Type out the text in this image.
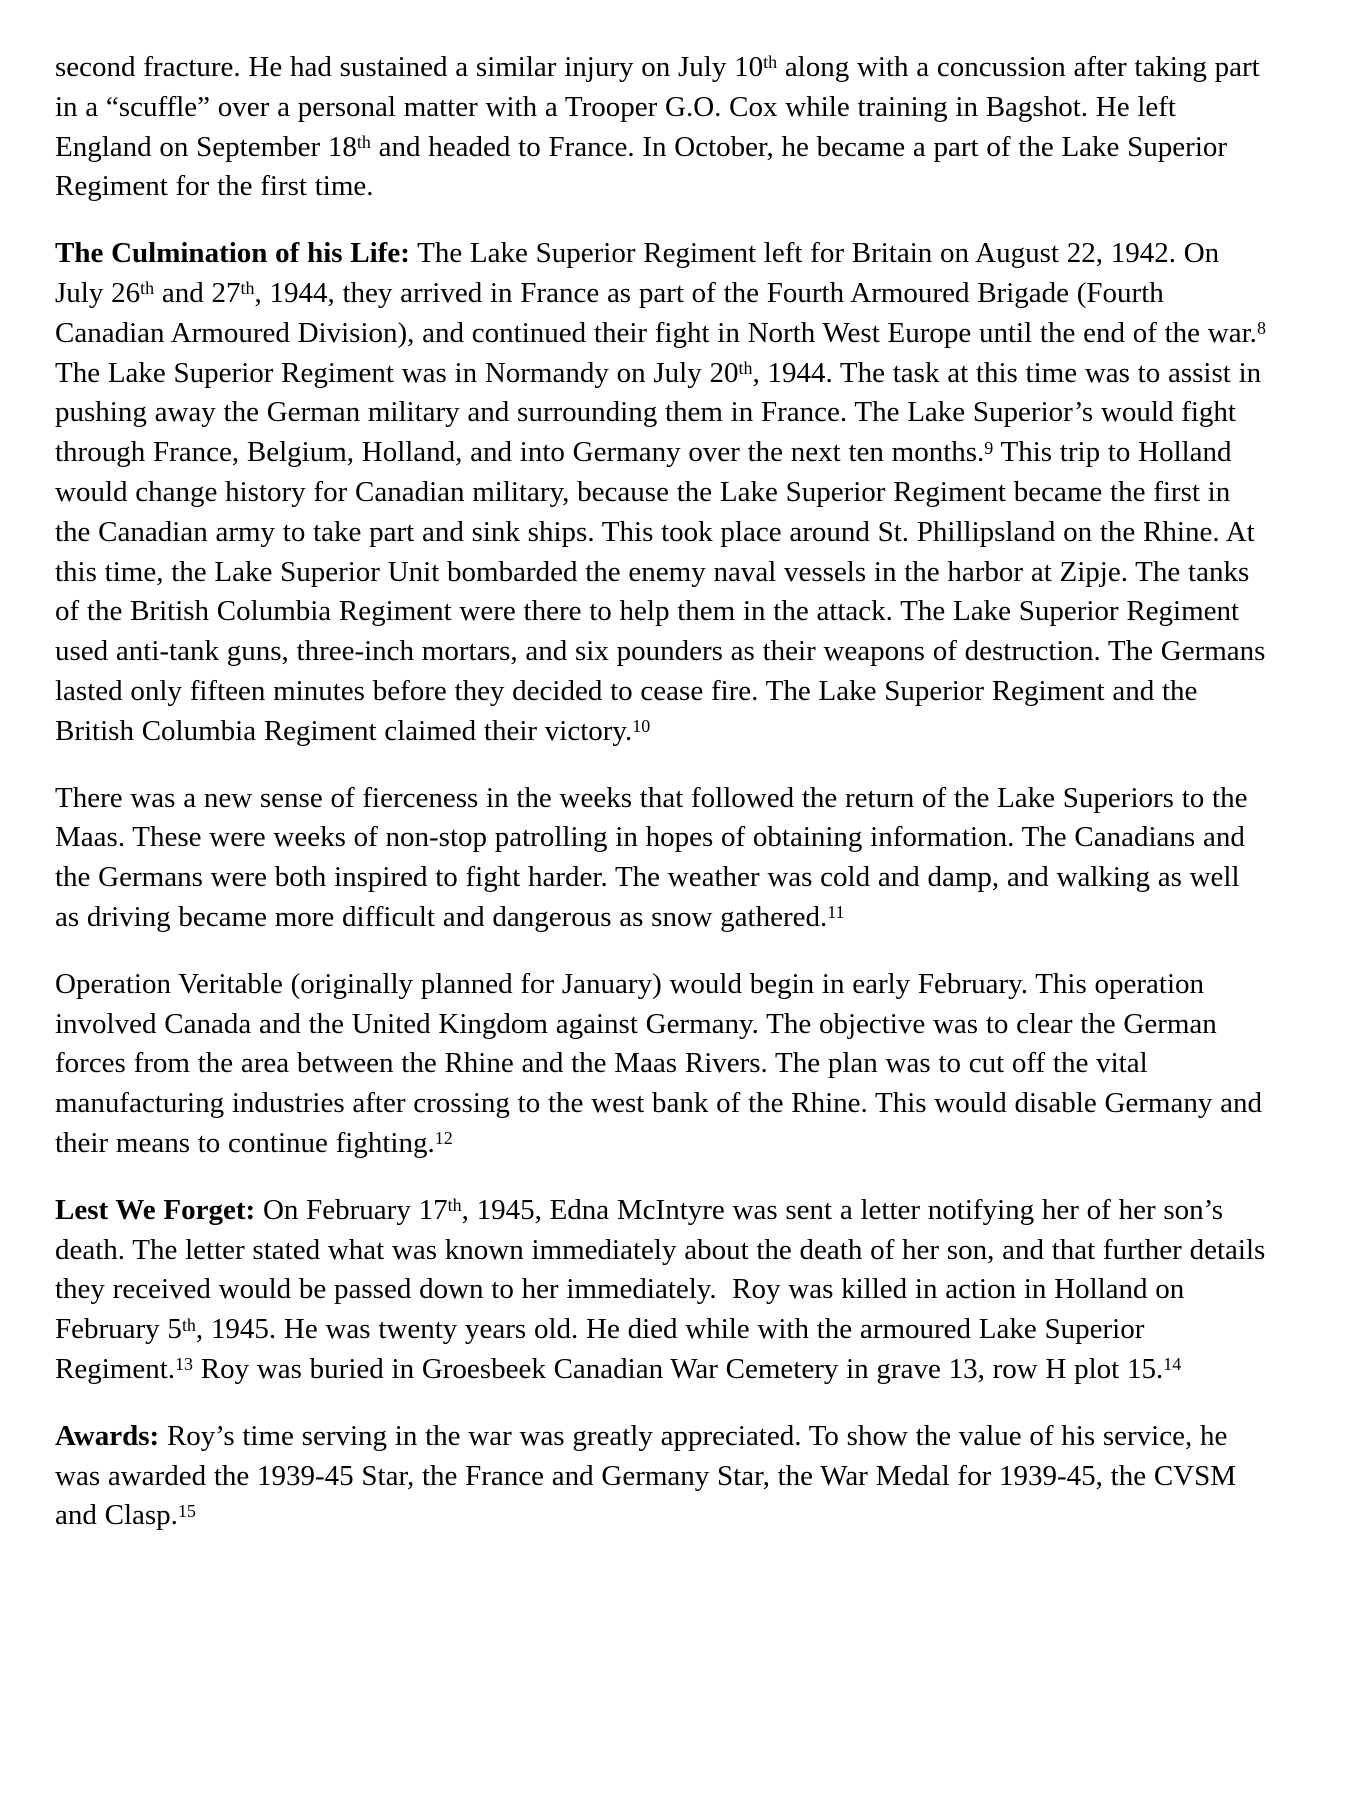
second fracture. He had sustained a similar injury on July 10th along with a concussion after taking part in a “scuffle” over a personal matter with a Trooper G.O. Cox while training in Bagshot. He left England on September 18th and headed to France. In October, he became a part of the Lake Superior Regiment for the first time.

The Culmination of his Life: The Lake Superior Regiment left for Britain on August 22, 1942. On July 26th and 27th, 1944, they arrived in France as part of the Fourth Armoured Brigade (Fourth Canadian Armoured Division), and continued their fight in North West Europe until the end of the war.$^8$ The Lake Superior Regiment was in Normandy on July 20th, 1944. The task at this time was to assist in pushing away the German military and surrounding them in France. The Lake Superior’s would fight through France, Belgium, Holland, and into Germany over the next ten months.$^9$ This trip to Holland would change history for Canadian military, because the Lake Superior Regiment became the first in the Canadian army to take part and sink ships. This took place around St. Phillipsland on the Rhine. At this time, the Lake Superior Unit bombarded the enemy naval vessels in the harbor at Zipje. The tanks of the British Columbia Regiment were there to help them in the attack. The Lake Superior Regiment used anti-tank guns, three-inch mortars, and six pounders as their weapons of destruction. The Germans lasted only fifteen minutes before they decided to cease fire. The Lake Superior Regiment and the British Columbia Regiment claimed their victory.$^{10}$

There was a new sense of fierceness in the weeks that followed the return of the Lake Superiors to the Maas. These were weeks of non-stop patrolling in hopes of obtaining information. The Canadians and the Germans were both inspired to fight harder. The weather was cold and damp, and walking as well as driving became more difficult and dangerous as snow gathered.$^{11}$

Operation Veritable (originally planned for January) would begin in early February. This operation involved Canada and the United Kingdom against Germany. The objective was to clear the German forces from the area between the Rhine and the Maas Rivers. The plan was to cut off the vital manufacturing industries after crossing to the west bank of the Rhine. This would disable Germany and their means to continue fighting.$^{12}$

Lest We Forget: On February 17th, 1945, Edna McIntyre was sent a letter notifying her of her son’s death. The letter stated what was known immediately about the death of her son, and that further details they received would be passed down to her immediately.  Roy was killed in action in Holland on February 5th, 1945. He was twenty years old. He died while with the armoured Lake Superior Regiment.$^{13}$ Roy was buried in Groesbeek Canadian War Cemetery in grave 13, row H plot 15.14

Awards: Roy’s time serving in the war was greatly appreciated. To show the value of his service, he was awarded the 1939-45 Star, the France and Germany Star, the War Medal for 1939-45, the CVSM and Clasp.$^{15}$
